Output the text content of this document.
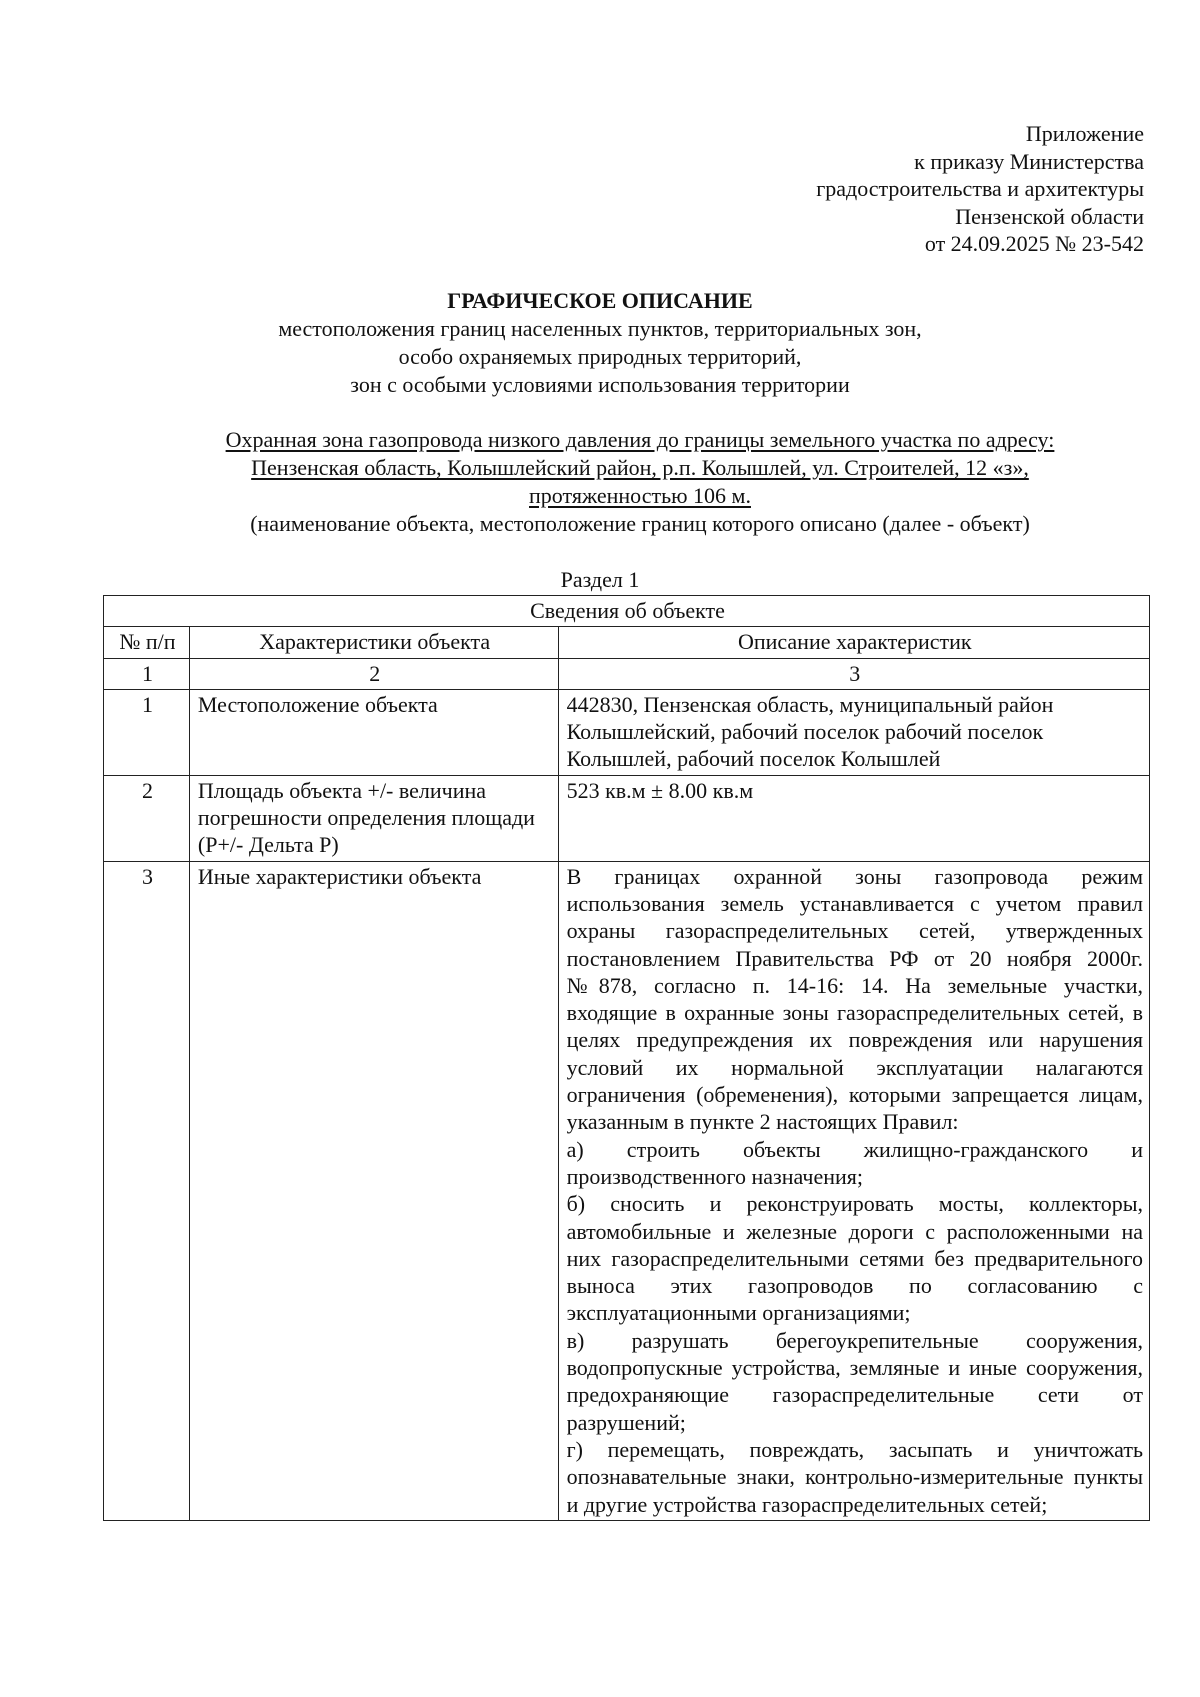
Приложение
к приказу Министерства
градостроительства и архитектуры
Пензенской области
от 24.09.2025 № 23-542
ГРАФИЧЕСКОЕ ОПИСАНИЕ
местоположения границ населенных пунктов, территориальных зон,
особо охраняемых природных территорий,
зон с особыми условиями использования территории
Охранная зона газопровода низкого давления до границы земельного участка по адресу:
Пензенская область, Колышлейский район, р.п. Колышлей, ул. Строителей, 12 «з»,
протяженностью 106 м.
(наименование объекта, местоположение границ которого описано (далее - объект)
Раздел 1
Сведения об объекте		
№ п/п	Характеристики объекта	Описание характеристик
1	2	3
1	Местоположение объекта	442830, Пензенская область, муниципальный район Колышлейский, рабочий поселок рабочий поселок Колышлей, рабочий поселок Колышлей
2	Площадь объекта +/- величина погрешности определения площади (P+/- Дельта P)	523 кв.м ± 8.00 кв.м
3	Иные характеристики объекта	В границах охранной зоны газопровода режим использования земель устанавливается с учетом правил охраны газораспределительных сетей, утвержденных постановлением Правительства РФ от 20 ноября 2000г. №878, согласно п. 14-16: 14. На земельные участки, входящие в охранные зоны газораспределительных сетей, в целях предупреждения их повреждения или нарушения условий их нормальной эксплуатации налагаются ограничения (обременения), которыми запрещается лицам, указанным в пункте 2 настоящих Правил:
а) строить объекты жилищно-гражданского и производственного назначения;
б) сносить и реконструировать мосты, коллекторы, автомобильные и железные дороги с расположенными на них газораспределительными сетями без предварительного выноса этих газопроводов по согласованию с эксплуатационными организациями;
в) разрушать берегоукрепительные сооружения, водопропускные устройства, земляные и иные сооружения, предохраняющие газораспределительные сети от разрушений;
г) перемещать, повреждать, засыпать и уничтожать опознавательные знаки, контрольно-измерительные пункты и другие устройства газораспределительных сетей;
